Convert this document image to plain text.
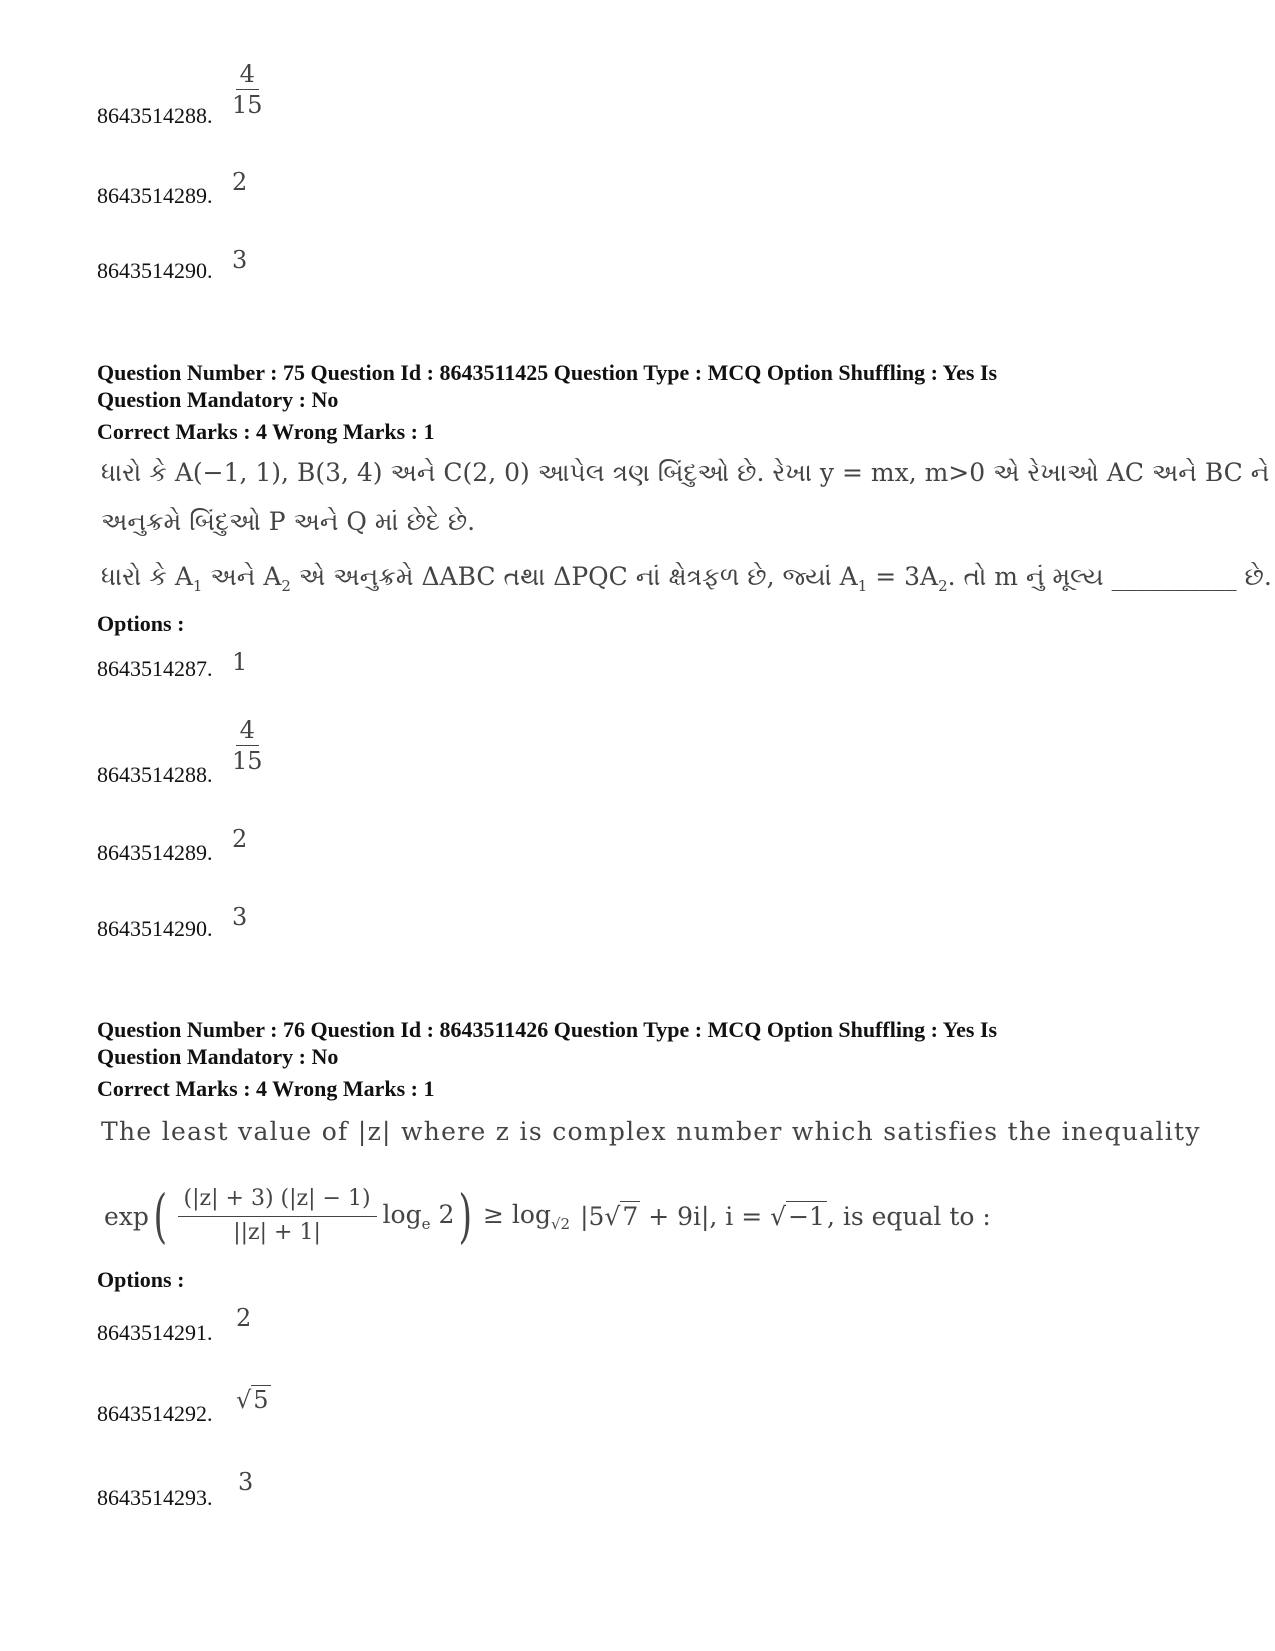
8643514288. $\frac{4}{15}$
8643514289. 2
8643514290. 3
Question Number : 75 Question Id : 8643511425 Question Type : MCQ Option Shuffling : Yes Is
Question Mandatory : No
Correct Marks : 4 Wrong Marks : 1
ધારો કે A(−1, 1), B(3, 4) અને C(2, 0) આપેલ ત્રણ બિંદુઓ છે. રેખા y = mx, m>0 એ રેખાઓ AC અને BC ને
અનુક્રમે બિંદુઓ P અને Q માં છેદે છે.
ધારો કે $A_1$ અને $A_2$ એ અનુક્રમે ΔABC તથા ΔPQC નાં ક્ષેત્રફળ છે, જ્યાં $A_1 = 3A_2$. તો m નું મૂલ્ય __________ છે.
Options :
8643514287. 1
8643514288.
$\frac{4}{15}$
8643514289. 2
8643514290. 3
Question Number : 76 Question Id : 8643511426 Question Type : MCQ Option Shuffling : Yes Is
Question Mandatory : No
Correct Marks : 4 Wrong Marks : 1
The least value of |z| where z is complex number which satisfies the inequality
exp ( $\frac{(|z| + 3) (|z| - 1)}{||z| + 1|} \log_e 2$ ) ≥ $\log_{√2} |5√7 + 9i|$, i = √−1, is equal to :
Options :
8643514291.
2
8643514292. √5
8643514293.
3
